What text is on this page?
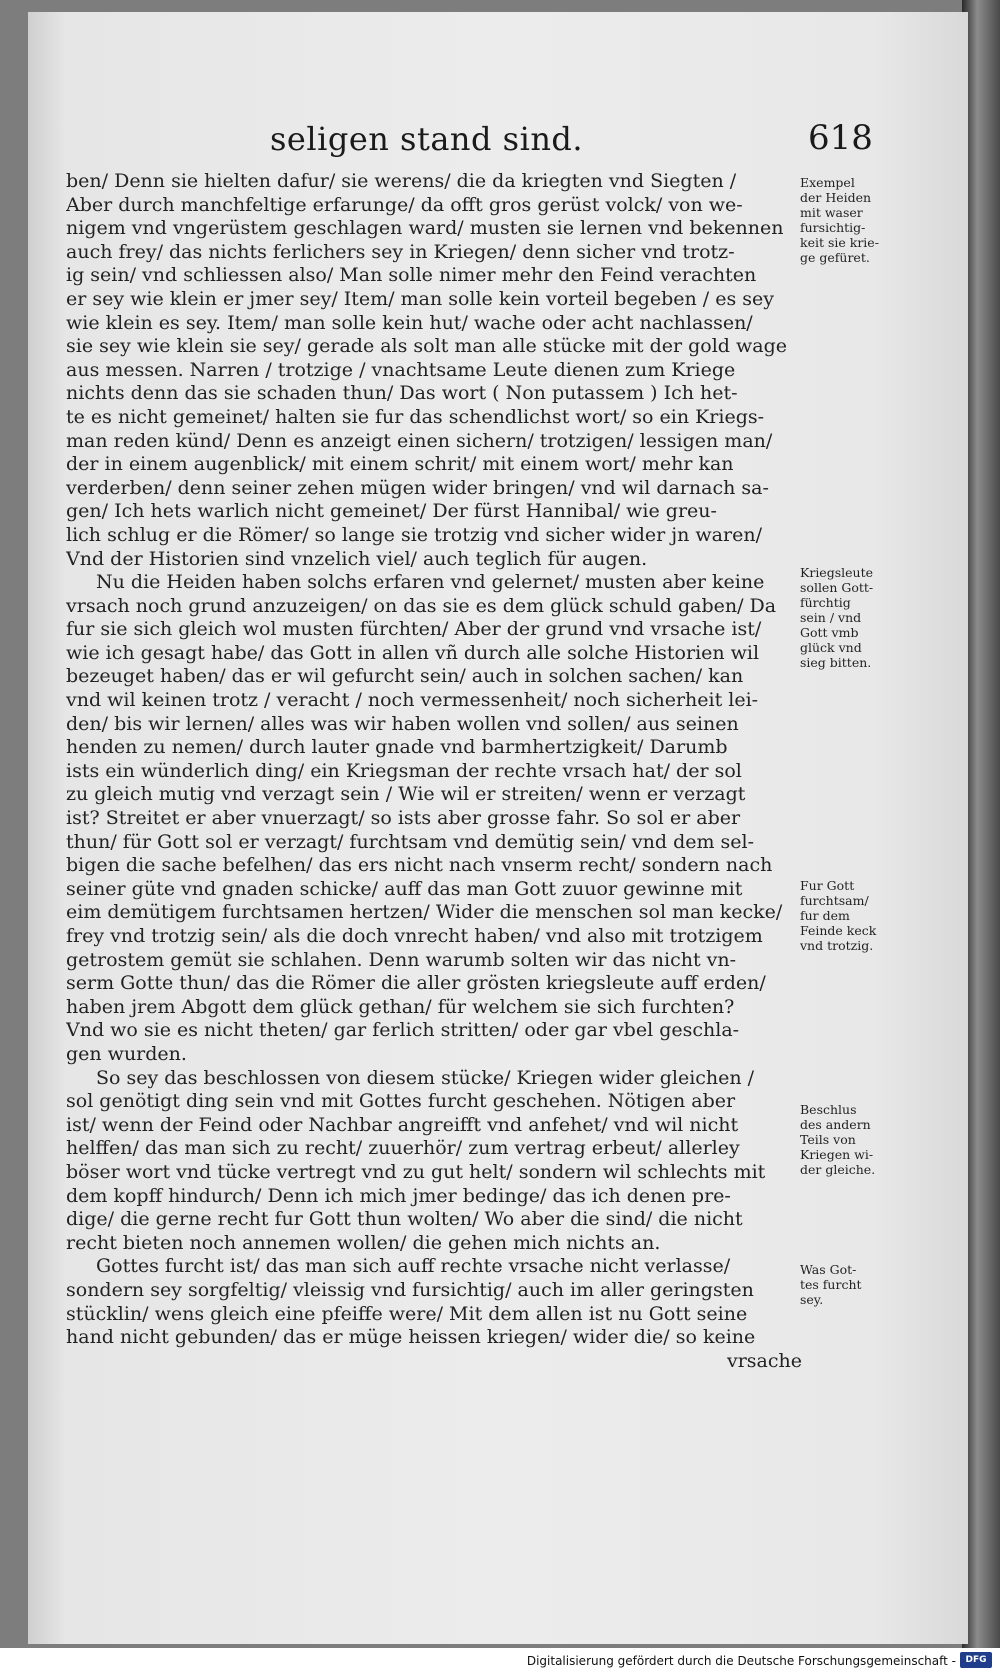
seligen stand sind.	618
ben/ Denn sie hielten dafur/ sie werens/ die da kriegten vnd Siegten /
Aber durch manchfeltige erfarunge/ da offt gros gerüst volck/ von we-
nigem vnd vngerüstem geschlagen ward/ musten sie lernen vnd bekennen
auch frey/ das nichts ferlichers sey in Kriegen/ denn sicher vnd trotz-
ig sein/ vnd schliessen also/ Man solle nimer mehr den Feind verachten
er sey wie klein er jmer sey/ Item/ man solle kein vorteil begeben / es sey
wie klein es sey. Item/ man solle kein hut/ wache oder acht nachlassen/
sie sey wie klein sie sey/ gerade als solt man alle stücke mit der gold wage
aus messen. Narren / trotzige / vnachtsame Leute dienen zum Kriege
nichts denn das sie schaden thun/ Das wort ( Non putassem ) Ich het-
te es nicht gemeinet/ halten sie fur das schendlichst wort/ so ein Kriegs-
man reden künd/ Denn es anzeigt einen sichern/ trotzigen/ lessigen man/
der in einem augenblick/ mit einem schrit/ mit einem wort/ mehr kan
verderben/ denn seiner zehen mügen wider bringen/ vnd wil darnach sa-
gen/ Ich hets warlich nicht gemeinet/ Der fürst Hannibal/ wie greu-
lich schlug er die Römer/ so lange sie trotzig vnd sicher wider jn waren/
Vnd der Historien sind vnzelich viel/ auch teglich für augen.
Nu die Heiden haben solchs erfaren vnd gelernet/ musten aber keine
vrsach noch grund anzuzeigen/ on das sie es dem glück schuld gaben/ Da
fur sie sich gleich wol musten fürchten/ Aber der grund vnd vrsache ist/
wie ich gesagt habe/ das Gott in allen vñ durch alle solche Historien wil
bezeuget haben/ das er wil gefurcht sein/ auch in solchen sachen/ kan
vnd wil keinen trotz / veracht / noch vermessenheit/ noch sicherheit lei-
den/ bis wir lernen/ alles was wir haben wollen vnd sollen/ aus seinen
henden zu nemen/ durch lauter gnade vnd barmhertzigkeit/ Darumb
ists ein wünderlich ding/ ein Kriegsman der rechte vrsach hat/ der sol
zu gleich mutig vnd verzagt sein / Wie wil er streiten/ wenn er verzagt
ist? Streitet er aber vnuerzagt/ so ists aber grosse fahr. So sol er aber
thun/ für Gott sol er verzagt/ furchtsam vnd demütig sein/ vnd dem sel-
bigen die sache befelhen/ das ers nicht nach vnserm recht/ sondern nach
seiner güte vnd gnaden schicke/ auff das man Gott zuuor gewinne mit
eim demütigem furchtsamen hertzen/ Wider die menschen sol man kecke/
frey vnd trotzig sein/ als die doch vnrecht haben/ vnd also mit trotzigem
getrostem gemüt sie schlahen. Denn warumb solten wir das nicht vn-
serm Gotte thun/ das die Römer die aller grösten kriegsleute auff erden/
haben jrem Abgott dem glück gethan/ für welchem sie sich furchten?
Vnd wo sie es nicht theten/ gar ferlich stritten/ oder gar vbel geschla-
gen wurden.
So sey das beschlossen von diesem stücke/ Kriegen wider gleichen /
sol genötigt ding sein vnd mit Gottes furcht geschehen. Nötigen aber
ist/ wenn der Feind oder Nachbar angreifft vnd anfehet/ vnd wil nicht
helffen/ das man sich zu recht/ zuuerhör/ zum vertrag erbeut/ allerley
böser wort vnd tücke vertregt vnd zu gut helt/ sondern wil schlechts mit
dem kopff hindurch/ Denn ich mich jmer bedinge/ das ich denen pre-
dige/ die gerne recht fur Gott thun wolten/ Wo aber die sind/ die nicht
recht bieten noch annemen wollen/ die gehen mich nichts an.
Gottes furcht ist/ das man sich auff rechte vrsache nicht verlasse/
sondern sey sorgfeltig/ vleissig vnd fursichtig/ auch im aller geringsten
stücklin/ wens gleich eine pfeiffe were/ Mit dem allen ist nu Gott seine
hand nicht gebunden/ das er müge heissen kriegen/ wider die/ so keine
vrsache
Exempel
der Heiden
mit waser
fursichtig-
keit sie krie-
ge gefüret.
Kriegsleute
sollen Gott-
fürchtig
sein / vnd
Gott vmb
glück vnd
sieg bitten.
Fur Gott
furchtsam/
fur dem
Feinde keck
vnd trotzig.
Beschlus
des andern
Teils von
Kriegen wi-
der gleiche.
Was Got-
tes furcht
sey.
Digitalisierung gefördert durch die Deutsche Forschungsgemeinschaft -	DFG
